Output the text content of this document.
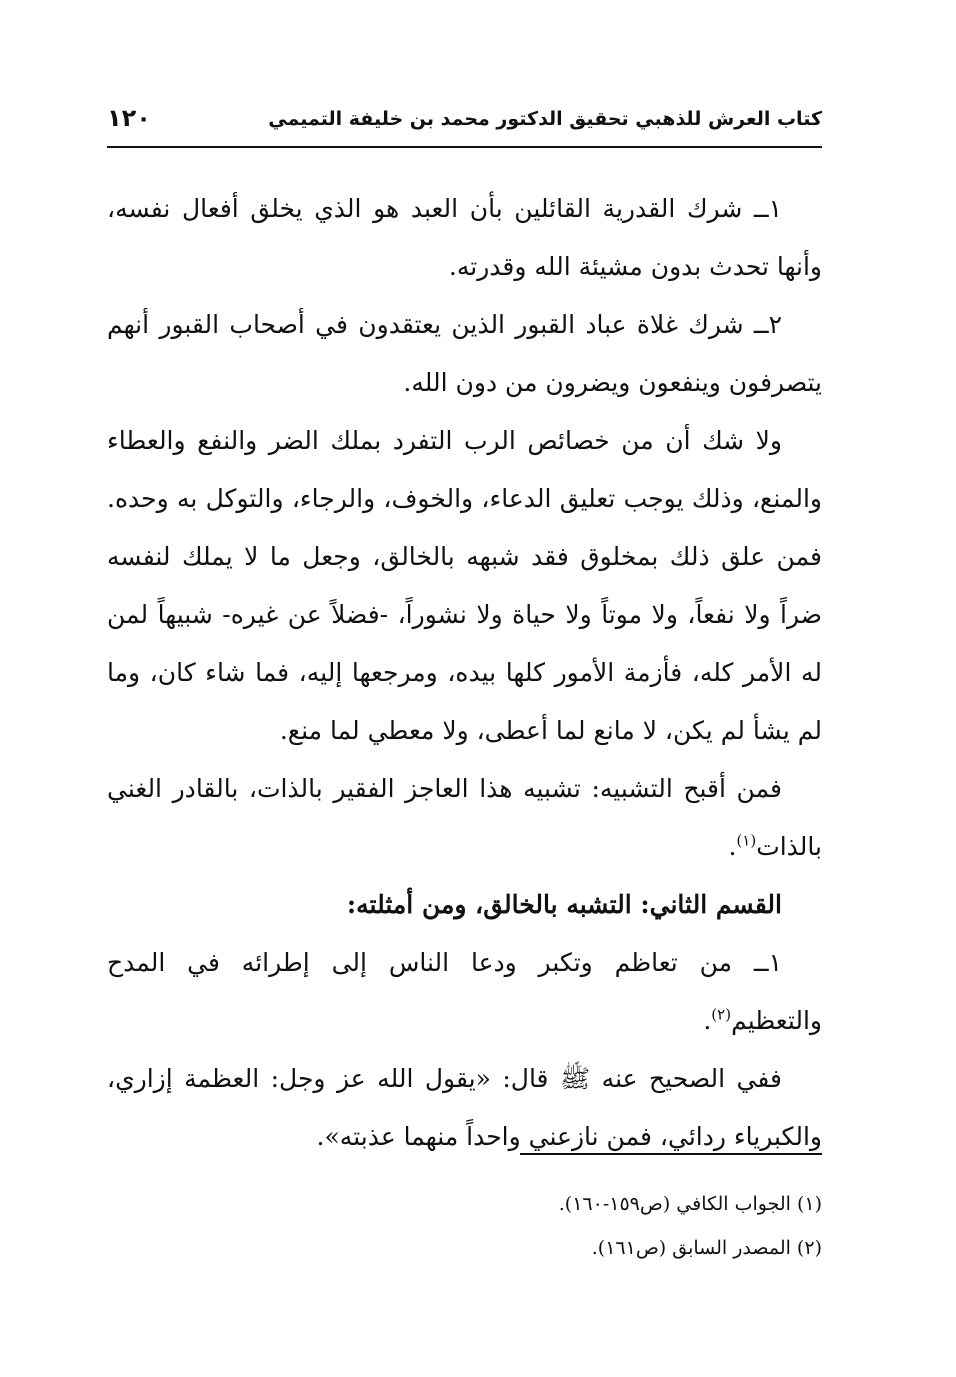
كتاب العرش للذهبي تحقيق الدكتور محمد بن خليفة التميمي
١٢٠

١ــ شرك القدرية القائلين بأن العبد هو الذي يخلق أفعال نفسه، وأنها تحدث بدون مشيئة الله وقدرته.

٢ــ شرك غلاة عباد القبور الذين يعتقدون في أصحاب القبور أنهم يتصرفون وينفعون ويضرون من دون الله.

ولا شك أن من خصائص الرب التفرد بملك الضر والنفع والعطاء والمنع، وذلك يوجب تعليق الدعاء، والخوف، والرجاء، والتوكل به وحده. فمن علق ذلك بمخلوق فقد شبهه بالخالق، وجعل ما لا يملك لنفسه ضراً ولا نفعاً، ولا موتاً ولا حياة ولا نشوراً، -فضلاً عن غيره- شبيهاً لمن له الأمر كله، فأزمة الأمور كلها بيده، ومرجعها إليه، فما شاء كان، وما لم يشأ لم يكن، لا مانع لما أعطى، ولا معطي لما منع.

فمن أقبح التشبيه: تشبيه هذا العاجز الفقير بالذات، بالقادر الغني بالذات$^{(١)}$.

القسم الثاني: التشبه بالخالق، ومن أمثلته:

١ــ من تعاظم وتكبر ودعا الناس إلى إطرائه في المدح والتعظيم$^{(٢)}$.

ففي الصحيح عنه ﷺ قال: «يقول الله عز وجل: العظمة إزاري، والكبرياء ردائي، فمن نازعني واحداً منهما عذبته».

(١) الجواب الكافي (ص١٥٩-١٦٠).

(٢) المصدر السابق (ص١٦١).
